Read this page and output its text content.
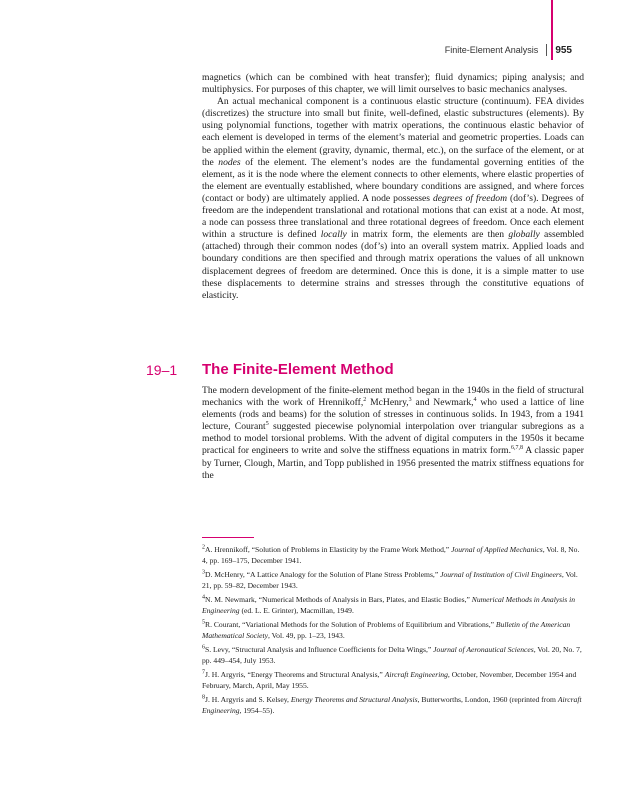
Finite-Element Analysis 955

magnetics (which can be combined with heat transfer); fluid dynamics; piping analysis; and multiphysics. For purposes of this chapter, we will limit ourselves to basic mechanics analyses.

An actual mechanical component is a continuous elastic structure (continuum). FEA divides (discretizes) the structure into small but finite, well-defined, elastic substructures (elements). By using polynomial functions, together with matrix operations, the continuous elastic behavior of each element is developed in terms of the element’s material and geometric properties. Loads can be applied within the element (gravity, dynamic, thermal, etc.), on the surface of the element, or at the nodes of the element. The element’s nodes are the fundamental governing entities of the element, as it is the node where the element connects to other elements, where elastic properties of the element are eventually established, where boundary conditions are assigned, and where forces (contact or body) are ultimately applied. A node possesses degrees of freedom (dof’s). Degrees of freedom are the independent translational and rotational motions that can exist at a node. At most, a node can possess three translational and three rotational degrees of freedom. Once each element within a structure is defined locally in matrix form, the elements are then globally assembled (attached) through their common nodes (dof’s) into an overall system matrix. Applied loads and boundary conditions are then specified and through matrix operations the values of all unknown displacement degrees of freedom are determined. Once this is done, it is a simple matter to use these displacements to determine strains and stresses through the constitutive equations of elasticity.

19–1 The Finite-Element Method

The modern development of the finite-element method began in the 1940s in the field of structural mechanics with the work of Hrennikoff,$^2$ McHenry,$^3$ and Newmark,$^4$ who used a lattice of line elements (rods and beams) for the solution of stresses in continuous solids. In 1943, from a 1941 lecture, Courant$^5$ suggested piecewise polynomial interpolation over triangular subregions as a method to model torsional problems. With the advent of digital computers in the 1950s it became practical for engineers to write and solve the stiffness equations in matrix form.$^{6,7,8}$ A classic paper by Turner, Clough, Martin, and Topp published in 1956 presented the matrix stiffness equations for the

$^2$A. Hrennikoff, “Solution of Problems in Elasticity by the Frame Work Method,” Journal of Applied Mechanics, Vol. 8, No. 4, pp. 169–175, December 1941.

$^3$D. McHenry, “A Lattice Analogy for the Solution of Plane Stress Problems,” Journal of Institution of Civil Engineers, Vol. 21, pp. 59–82, December 1943.

$^4$N. M. Newmark, “Numerical Methods of Analysis in Bars, Plates, and Elastic Bodies,” Numerical Methods in Analysis in Engineering (ed. L. E. Grinter), Macmillan, 1949.

$^5$R. Courant, “Variational Methods for the Solution of Problems of Equilibrium and Vibrations,” Bulletin of the American Mathematical Society, Vol. 49, pp. 1–23, 1943.

$^6$S. Levy, “Structural Analysis and Influence Coefficients for Delta Wings,” Journal of Aeronautical Sciences, Vol. 20, No. 7, pp. 449–454, July 1953.

$^7$J. H. Argyris, “Energy Theorems and Structural Analysis,” Aircraft Engineering, October, November, December 1954 and February, March, April, May 1955.

$^8$J. H. Argyris and S. Kelsey, Energy Theorems and Structural Analysis, Butterworths, London, 1960 (reprinted from Aircraft Engineering, 1954–55).
